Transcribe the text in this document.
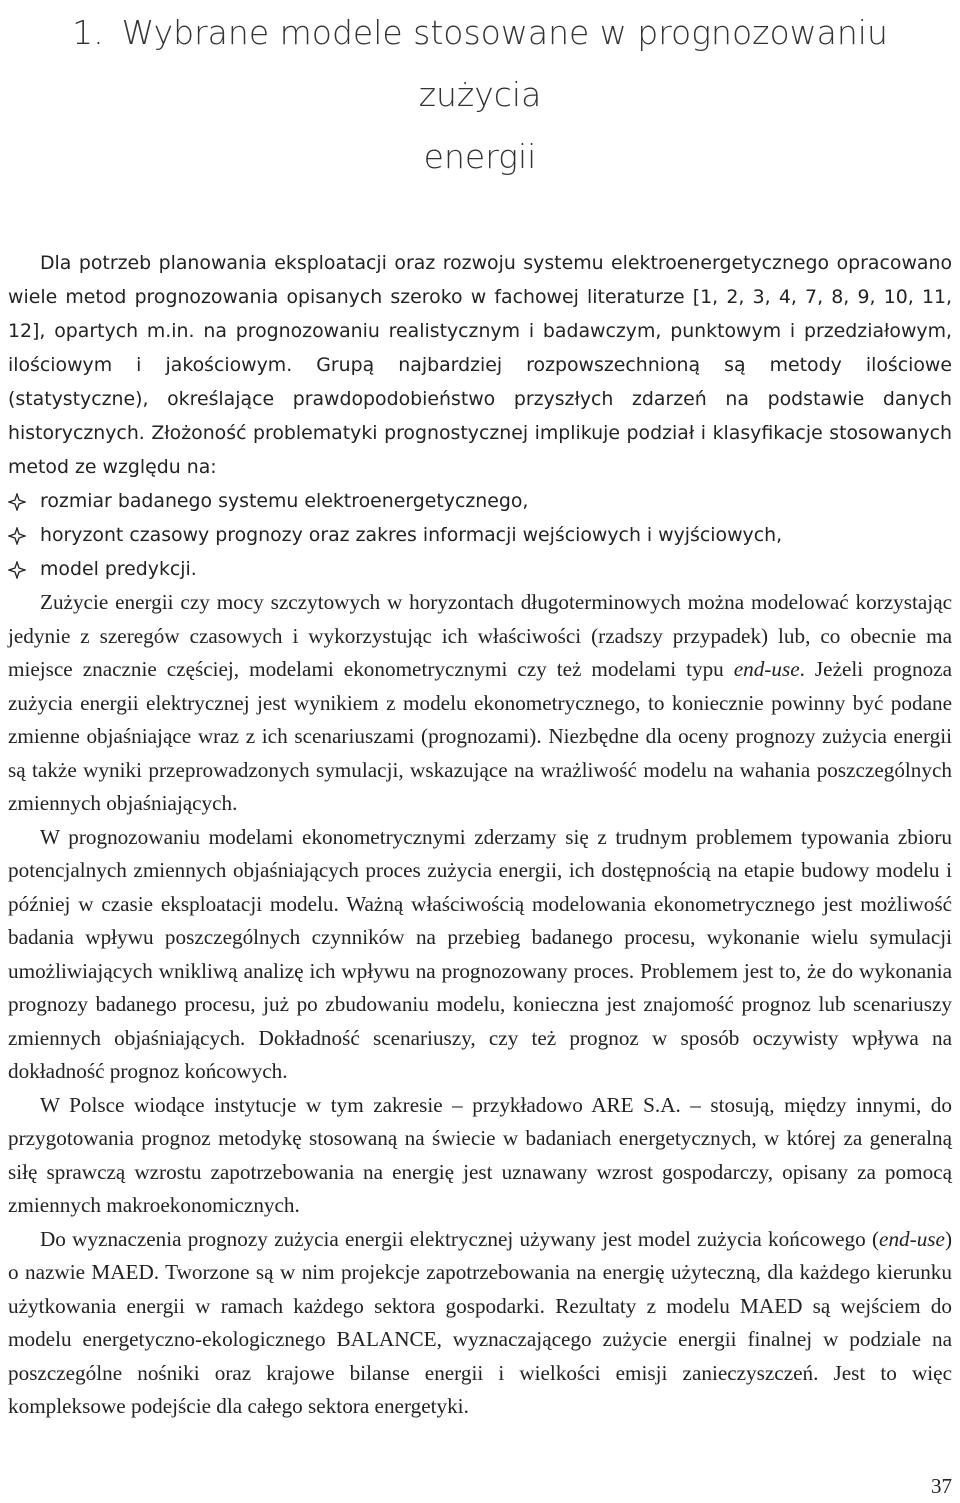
1. Wybrane modele stosowane w prognozowaniu zużycia
energii

Dla potrzeb planowania eksploatacji oraz rozwoju systemu elektroenergetycznego opracowano wiele metod prognozowania opisanych szeroko w fachowej literaturze [1, 2, 3, 4, 7, 8, 9, 10, 11, 12], opartych m.in. na prognozowaniu realistycznym i badawczym, punktowym i przedziałowym, ilościowym i jakościowym. Grupą najbardziej rozpowszechnioną są metody ilościowe (statystyczne), określające prawdopodobieństwo przyszłych zdarzeń na podstawie danych historycznych. Złożoność problematyki prognostycznej implikuje podział i klasyfikacje stosowanych metod ze względu na:

rozmiar badanego systemu elektroenergetycznego,
horyzont czasowy prognozy oraz zakres informacji wejściowych i wyjściowych,
model predykcji.

Zużycie energii czy mocy szczytowych w horyzontach długoterminowych można modelować korzystając jedynie z szeregów czasowych i wykorzystując ich właściwości (rzadszy przypadek) lub, co obecnie ma miejsce znacznie częściej, modelami ekonometrycznymi czy też modelami typu end-use. Jeżeli prognoza zużycia energii elektrycznej jest wynikiem z modelu ekonometrycznego, to koniecznie powinny być podane zmienne objaśniające wraz z ich scenariuszami (prognozami). Niezbędne dla oceny prognozy zużycia energii są także wyniki przeprowadzonych symulacji, wskazujące na wrażliwość modelu na wahania poszczególnych zmiennych objaśniających.

W prognozowaniu modelami ekonometrycznymi zderzamy się z trudnym problemem typowania zbioru potencjalnych zmiennych objaśniających proces zużycia energii, ich dostępnością na etapie budowy modelu i później w czasie eksploatacji modelu. Ważną właściwością modelowania ekonometrycznego jest możliwość badania wpływu poszczególnych czynników na przebieg badanego procesu, wykonanie wielu symulacji umożliwiających wnikliwą analizę ich wpływu na prognozowany proces. Problemem jest to, że do wykonania prognozy badanego procesu, już po zbudowaniu modelu, konieczna jest znajomość prognoz lub scenariuszy zmiennych objaśniających. Dokładność scenariuszy, czy też prognoz w sposób oczywisty wpływa na dokładność prognoz końcowych.

W Polsce wiodące instytucje w tym zakresie – przykładowo ARE S.A. – stosują, między innymi, do przygotowania prognoz metodykę stosowaną na świecie w badaniach energetycznych, w której za generalną siłę sprawczą wzrostu zapotrzebowania na energię jest uznawany wzrost gospodarczy, opisany za pomocą zmiennych makroekonomicznych.

Do wyznaczenia prognozy zużycia energii elektrycznej używany jest model zużycia końcowego (end-use) o nazwie MAED. Tworzone są w nim projekcje zapotrzebowania na energię użyteczną, dla każdego kierunku użytkowania energii w ramach każdego sektora gospodarki. Rezultaty z modelu MAED są wejściem do modelu energetyczno-ekologicznego BALANCE, wyznaczającego zużycie energii finalnej w podziale na poszczególne nośniki oraz krajowe bilanse energii i wielkości emisji zanieczyszczeń. Jest to więc kompleksowe podejście dla całego sektora energetyki.

37
